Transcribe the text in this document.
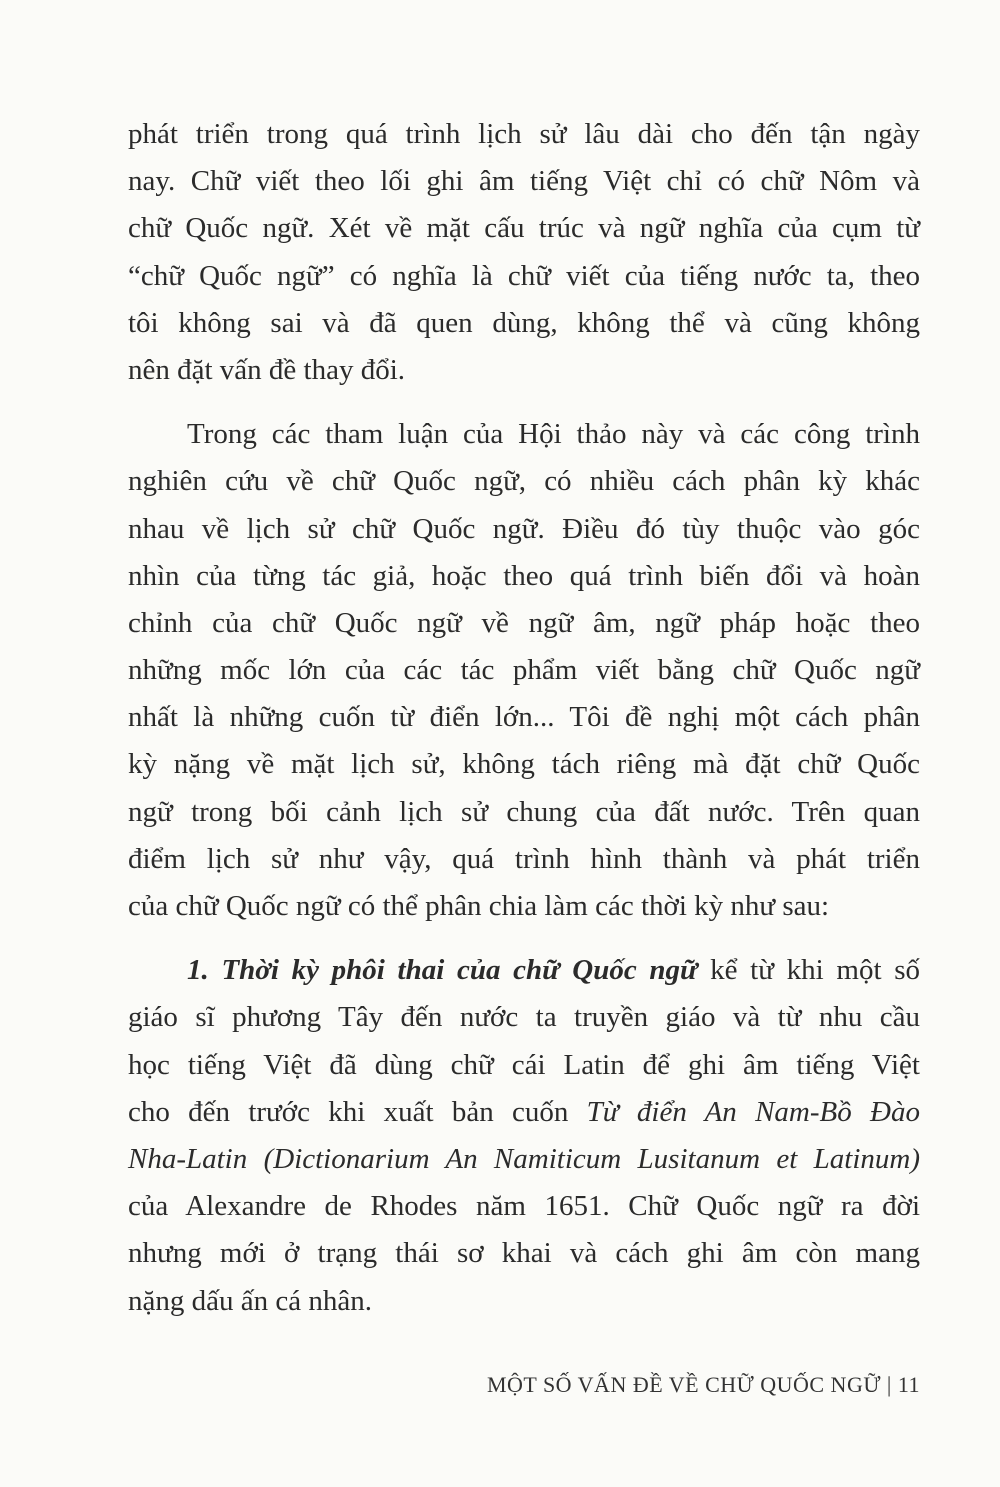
phát triển trong quá trình lịch sử lâu dài cho đến tận ngày
nay. Chữ viết theo lối ghi âm tiếng Việt chỉ có chữ Nôm và
chữ Quốc ngữ. Xét về mặt cấu trúc và ngữ nghĩa của cụm từ
“chữ Quốc ngữ” có nghĩa là chữ viết của tiếng nước ta, theo
tôi không sai và đã quen dùng, không thể và cũng không
nên đặt vấn đề thay đổi.
Trong các tham luận của Hội thảo này và các công trình
nghiên cứu về chữ Quốc ngữ, có nhiều cách phân kỳ khác
nhau về lịch sử chữ Quốc ngữ. Điều đó tùy thuộc vào góc
nhìn của từng tác giả, hoặc theo quá trình biến đổi và hoàn
chỉnh của chữ Quốc ngữ về ngữ âm, ngữ pháp hoặc theo
những mốc lớn của các tác phẩm viết bằng chữ Quốc ngữ
nhất là những cuốn từ điển lớn... Tôi đề nghị một cách phân
kỳ nặng về mặt lịch sử, không tách riêng mà đặt chữ Quốc
ngữ trong bối cảnh lịch sử chung của đất nước. Trên quan
điểm lịch sử như vậy, quá trình hình thành và phát triển
của chữ Quốc ngữ có thể phân chia làm các thời kỳ như sau:
1. Thời kỳ phôi thai của chữ Quốc ngữ kể từ khi một số
giáo sĩ phương Tây đến nước ta truyền giáo và từ nhu cầu
học tiếng Việt đã dùng chữ cái Latin để ghi âm tiếng Việt
cho đến trước khi xuất bản cuốn Từ điển An Nam-Bồ Đào
Nha-Latin (Dictionarium An Namiticum Lusitanum et Latinum)
của Alexandre de Rhodes năm 1651. Chữ Quốc ngữ ra đời
nhưng mới ở trạng thái sơ khai và cách ghi âm còn mang
nặng dấu ấn cá nhân.
MỘT SỐ VẤN ĐỀ VỀ CHỮ QUỐC NGỮ | 11
